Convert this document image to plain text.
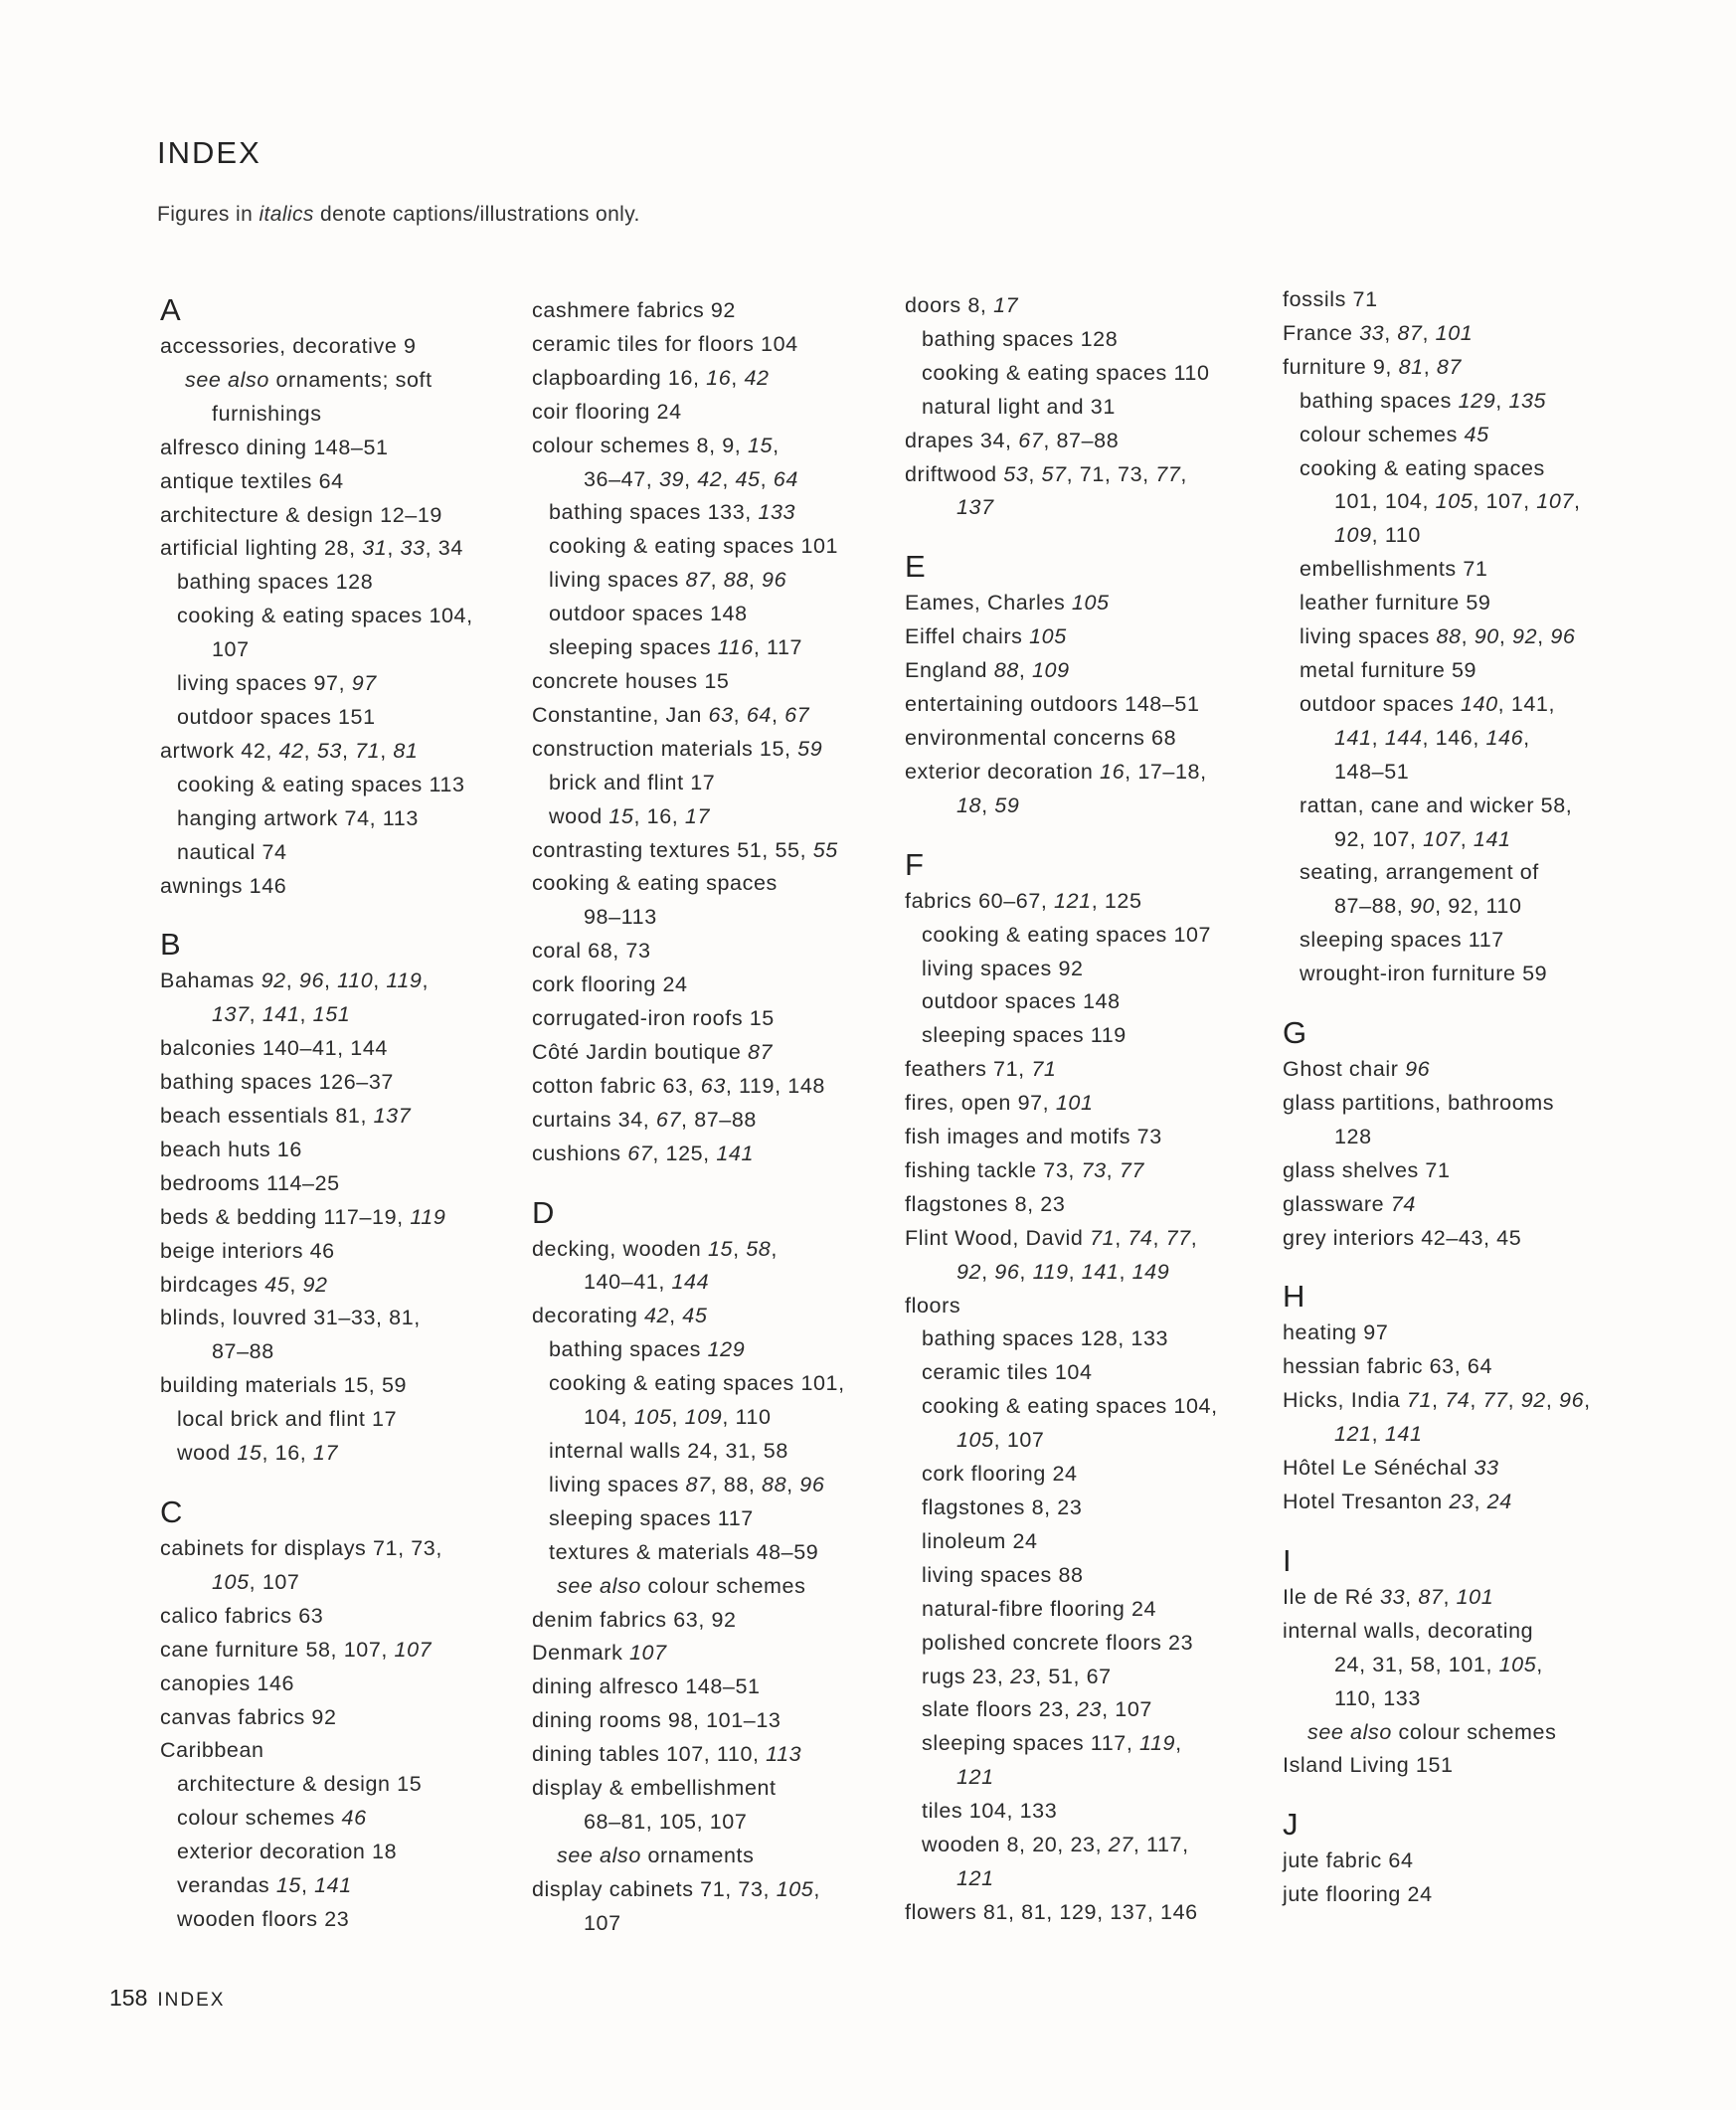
INDEX
Figures in italics denote captions/illustrations only.
A
accessories, decorative 9
see also ornaments; soft
furnishings
alfresco dining 148–51
antique textiles 64
architecture & design 12–19
artificial lighting 28, 31, 33, 34
bathing spaces 128
cooking & eating spaces 104,
107
living spaces 97, 97
outdoor spaces 151
artwork 42, 42, 53, 71, 81
cooking & eating spaces 113
hanging artwork 74, 113
nautical 74
awnings 146
B
Bahamas 92, 96, 110, 119,
137, 141, 151
balconies 140–41, 144
bathing spaces 126–37
beach essentials 81, 137
beach huts 16
bedrooms 114–25
beds & bedding 117–19, 119
beige interiors 46
birdcages 45, 92
blinds, louvred 31–33, 81,
87–88
building materials 15, 59
local brick and flint 17
wood 15, 16, 17
C
cabinets for displays 71, 73,
105, 107
calico fabrics 63
cane furniture 58, 107, 107
canopies 146
canvas fabrics 92
Caribbean
architecture & design 15
colour schemes 46
exterior decoration 18
verandas 15, 141
wooden floors 23
cashmere fabrics 92
ceramic tiles for floors 104
clapboarding 16, 16, 42
coir flooring 24
colour schemes 8, 9, 15,
36–47, 39, 42, 45, 64
bathing spaces 133, 133
cooking & eating spaces 101
living spaces 87, 88, 96
outdoor spaces 148
sleeping spaces 116, 117
concrete houses 15
Constantine, Jan 63, 64, 67
construction materials 15, 59
brick and flint 17
wood 15, 16, 17
contrasting textures 51, 55, 55
cooking & eating spaces
98–113
coral 68, 73
cork flooring 24
corrugated-iron roofs 15
Côté Jardin boutique 87
cotton fabric 63, 63, 119, 148
curtains 34, 67, 87–88
cushions 67, 125, 141
D
decking, wooden 15, 58,
140–41, 144
decorating 42, 45
bathing spaces 129
cooking & eating spaces 101,
104, 105, 109, 110
internal walls 24, 31, 58
living spaces 87, 88, 88, 96
sleeping spaces 117
textures & materials 48–59
see also colour schemes
denim fabrics 63, 92
Denmark 107
dining alfresco 148–51
dining rooms 98, 101–13
dining tables 107, 110, 113
display & embellishment
68–81, 105, 107
see also ornaments
display cabinets 71, 73, 105,
107
doors 8, 17
bathing spaces 128
cooking & eating spaces 110
natural light and 31
drapes 34, 67, 87–88
driftwood 53, 57, 71, 73, 77,
137
E
Eames, Charles 105
Eiffel chairs 105
England 88, 109
entertaining outdoors 148–51
environmental concerns 68
exterior decoration 16, 17–18,
18, 59
F
fabrics 60–67, 121, 125
cooking & eating spaces 107
living spaces 92
outdoor spaces 148
sleeping spaces 119
feathers 71, 71
fires, open 97, 101
fish images and motifs 73
fishing tackle 73, 73, 77
flagstones 8, 23
Flint Wood, David 71, 74, 77,
92, 96, 119, 141, 149
floors
bathing spaces 128, 133
ceramic tiles 104
cooking & eating spaces 104,
105, 107
cork flooring 24
flagstones 8, 23
linoleum 24
living spaces 88
natural-fibre flooring 24
polished concrete floors 23
rugs 23, 23, 51, 67
slate floors 23, 23, 107
sleeping spaces 117, 119,
121
tiles 104, 133
wooden 8, 20, 23, 27, 117,
121
flowers 81, 81, 129, 137, 146
fossils 71
France 33, 87, 101
furniture 9, 81, 87
bathing spaces 129, 135
colour schemes 45
cooking & eating spaces
101, 104, 105, 107, 107,
109, 110
embellishments 71
leather furniture 59
living spaces 88, 90, 92, 96
metal furniture 59
outdoor spaces 140, 141,
141, 144, 146, 146,
148–51
rattan, cane and wicker 58,
92, 107, 107, 141
seating, arrangement of
87–88, 90, 92, 110
sleeping spaces 117
wrought-iron furniture 59
G
Ghost chair 96
glass partitions, bathrooms
128
glass shelves 71
glassware 74
grey interiors 42–43, 45
H
heating 97
hessian fabric 63, 64
Hicks, India 71, 74, 77, 92, 96,
121, 141
Hôtel Le Sénéchal 33
Hotel Tresanton 23, 24
I
Ile de Ré 33, 87, 101
internal walls, decorating
24, 31, 58, 101, 105,
110, 133
see also colour schemes
Island Living 151
J
jute fabric 64
jute flooring 24
158 INDEX
